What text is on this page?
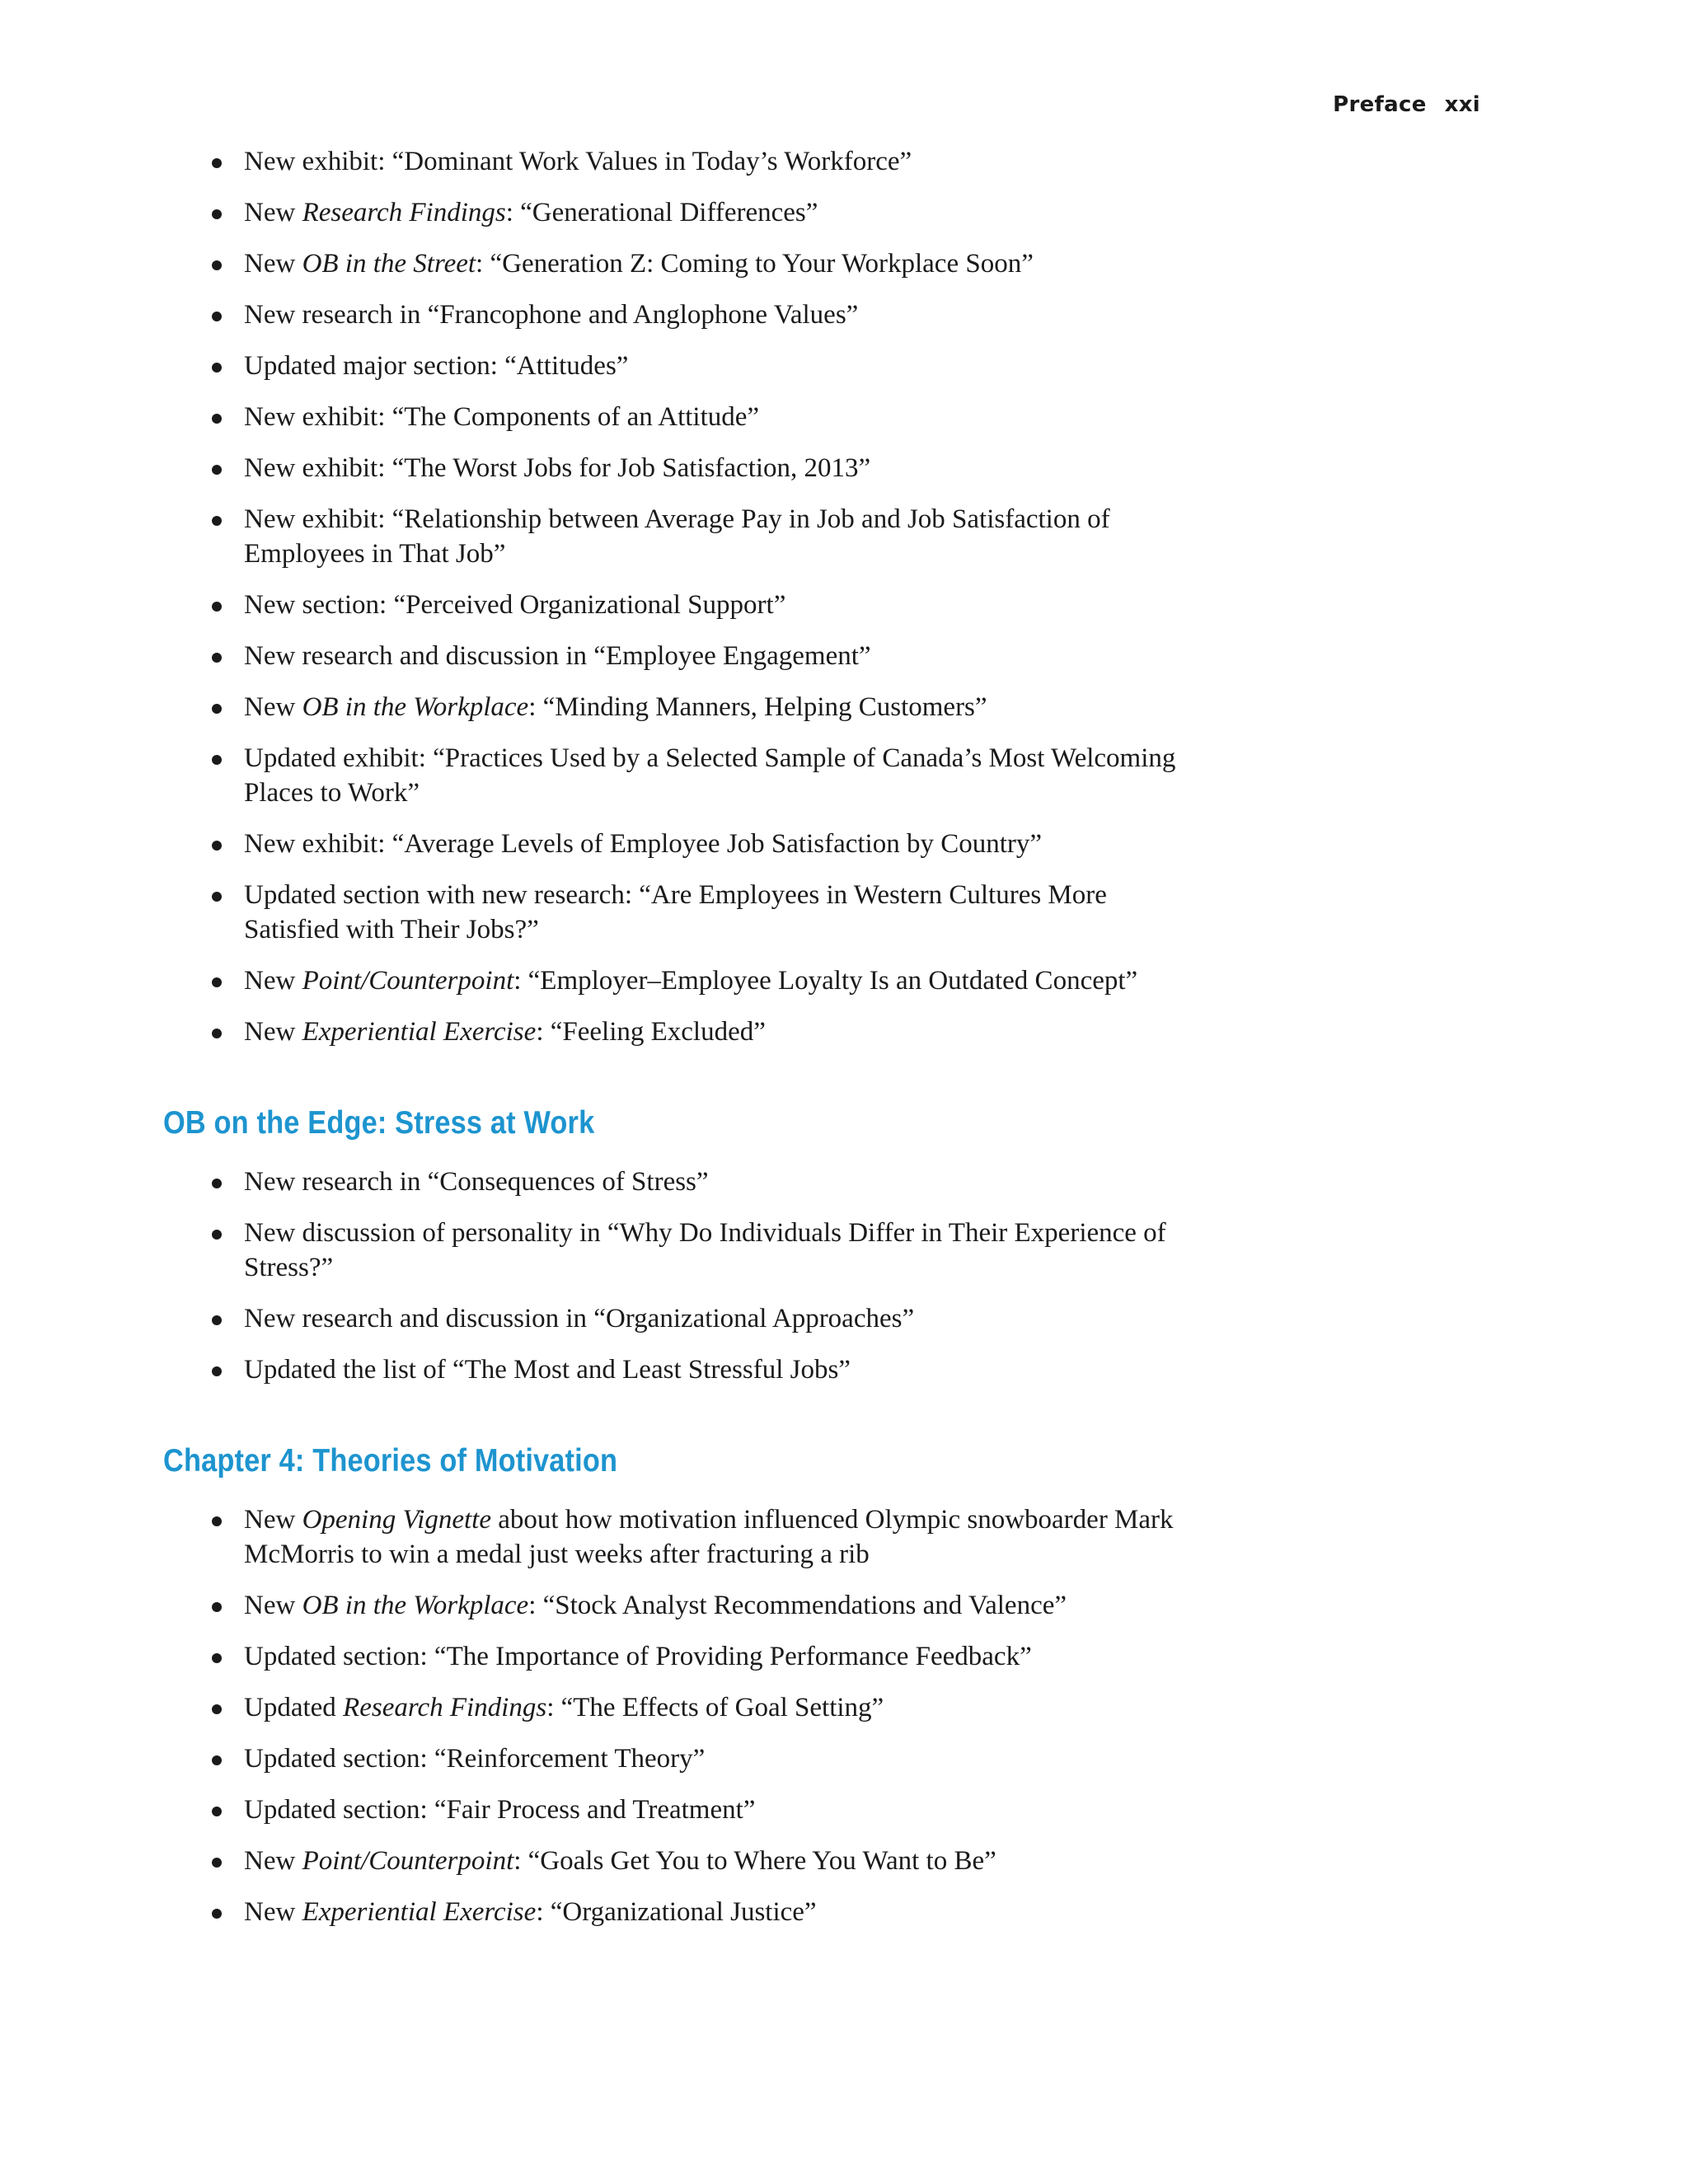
Preface xxi
New exhibit: “Dominant Work Values in Today’s Workforce”
New Research Findings: “Generational Differences”
New OB in the Street: “Generation Z: Coming to Your Workplace Soon”
New research in “Francophone and Anglophone Values”
Updated major section: “Attitudes”
New exhibit: “The Components of an Attitude”
New exhibit: “The Worst Jobs for Job Satisfaction, 2013”
New exhibit: “Relationship between Average Pay in Job and Job Satisfaction of Employees in That Job”
New section: “Perceived Organizational Support”
New research and discussion in “Employee Engagement”
New OB in the Workplace: “Minding Manners, Helping Customers”
Updated exhibit: “Practices Used by a Selected Sample of Canada’s Most Welcoming Places to Work”
New exhibit: “Average Levels of Employee Job Satisfaction by Country”
Updated section with new research: “Are Employees in Western Cultures More Satisfied with Their Jobs?”
New Point/Counterpoint: “Employer–Employee Loyalty Is an Outdated Concept”
New Experiential Exercise: “Feeling Excluded”
OB on the Edge: Stress at Work
New research in “Consequences of Stress”
New discussion of personality in “Why Do Individuals Differ in Their Experience of Stress?”
New research and discussion in “Organizational Approaches”
Updated the list of “The Most and Least Stressful Jobs”
Chapter 4: Theories of Motivation
New Opening Vignette about how motivation influenced Olympic snowboarder Mark McMorris to win a medal just weeks after fracturing a rib
New OB in the Workplace: “Stock Analyst Recommendations and Valence”
Updated section: “The Importance of Providing Performance Feedback”
Updated Research Findings: “The Effects of Goal Setting”
Updated section: “Reinforcement Theory”
Updated section: “Fair Process and Treatment”
New Point/Counterpoint: “Goals Get You to Where You Want to Be”
New Experiential Exercise: “Organizational Justice”
